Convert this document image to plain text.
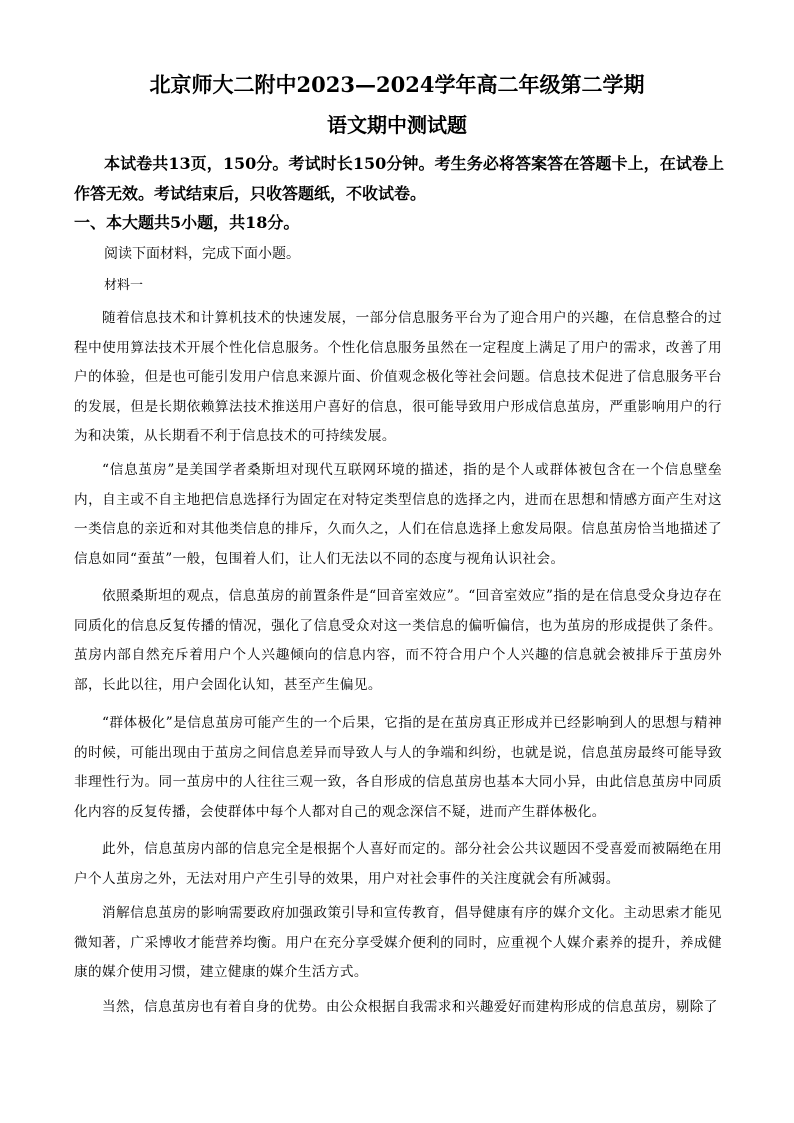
北京师大二附中2023—2024学年高二年级第二学期
语文期中测试题
本试卷共13页，150分。考试时长150分钟。考生务必将答案答在答题卡上，在试卷上作答无效。考试结束后，只收答题纸，不收试卷。
一、本大题共5小题，共18分。
阅读下面材料，完成下面小题。
材料一
随着信息技术和计算机技术的快速发展，一部分信息服务平台为了迎合用户的兴趣，在信息整合的过程中使用算法技术开展个性化信息服务。个性化信息服务虽然在一定程度上满足了用户的需求，改善了用户的体验，但是也可能引发用户信息来源片面、价值观念极化等社会问题。信息技术促进了信息服务平台的发展，但是长期依赖算法技术推送用户喜好的信息，很可能导致用户形成信息茧房，严重影响用户的行为和决策，从长期看不利于信息技术的可持续发展。
“信息茧房”是美国学者桑斯坦对现代互联网环境的描述，指的是个人或群体被包含在一个信息壁垒内，自主或不自主地把信息选择行为固定在对特定类型信息的选择之内，进而在思想和情感方面产生对这一类信息的亲近和对其他类信息的排斥，久而久之，人们在信息选择上愈发局限。信息茧房恰当地描述了信息如同“蚕茧”一般，包围着人们，让人们无法以不同的态度与视角认识社会。
依照桑斯坦的观点，信息茧房的前置条件是“回音室效应”。“回音室效应”指的是在信息受众身边存在同质化的信息反复传播的情况，强化了信息受众对这一类信息的偏听偏信，也为茧房的形成提供了条件。茧房内部自然充斥着用户个人兴趣倾向的信息内容，而不符合用户个人兴趣的信息就会被排斥于茧房外部，长此以往，用户会固化认知，甚至产生偏见。
“群体极化”是信息茧房可能产生的一个后果，它指的是在茧房真正形成并已经影响到人的思想与精神的时候，可能出现由于茧房之间信息差异而导致人与人的争端和纠纷，也就是说，信息茧房最终可能导致非理性行为。同一茧房中的人往往三观一致，各自形成的信息茧房也基本大同小异，由此信息茧房中同质化内容的反复传播，会使群体中每个人都对自己的观念深信不疑，进而产生群体极化。
此外，信息茧房内部的信息完全是根据个人喜好而定的。部分社会公共议题因不受喜爱而被隔绝在用户个人茧房之外，无法对用户产生引导的效果，用户对社会事件的关注度就会有所减弱。
消解信息茧房的影响需要政府加强政策引导和宣传教育，倡导健康有序的媒介文化。主动思索才能见微知著，广采博收才能营养均衡。用户在充分享受媒介便利的同时，应重视个人媒介素养的提升，养成健康的媒介使用习惯，建立健康的媒介生活方式。
当然，信息茧房也有着自身的优势。由公众根据自我需求和兴趣爱好而建构形成的信息茧房，剔除了
